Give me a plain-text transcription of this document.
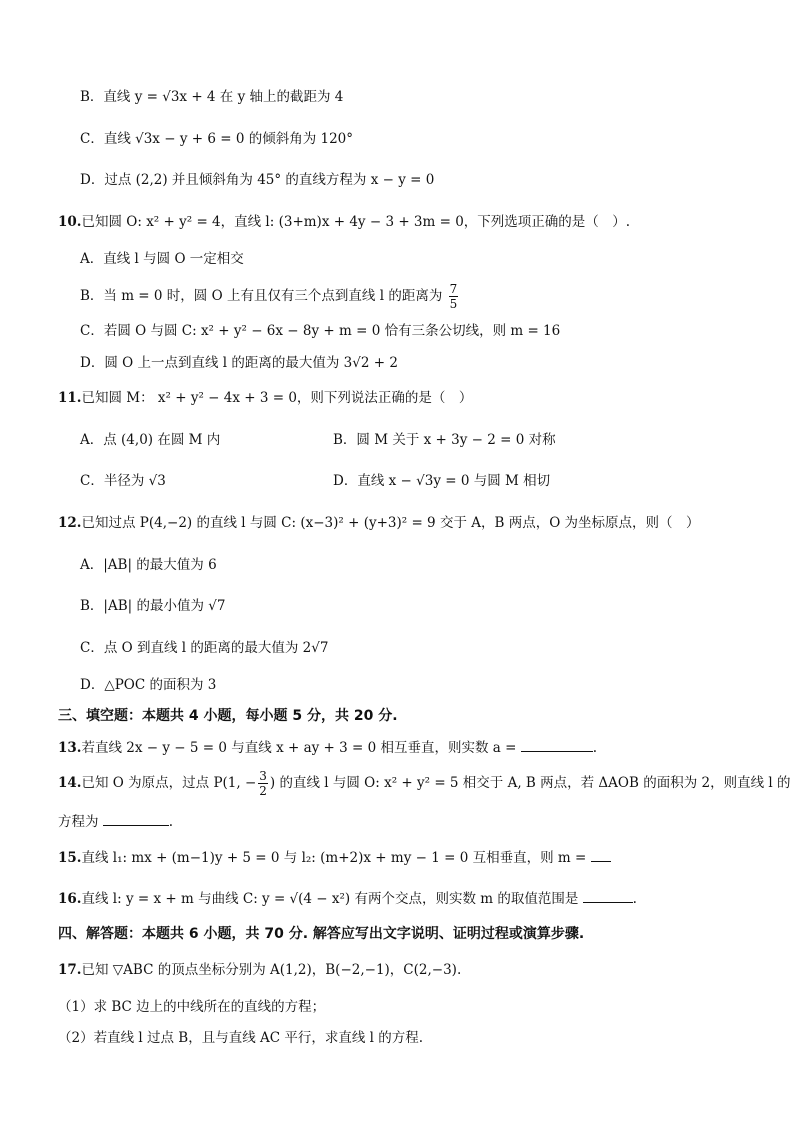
B．直线 y = √3x + 4 在 y 轴上的截距为 4
C．直线 √3x − y + 6 = 0 的倾斜角为 120°
D．过点 (2,2) 并且倾斜角为 45° 的直线方程为 x − y = 0
10.已知圆 O: x² + y² = 4，直线 l: (3+m)x + 4y − 3 + 3m = 0，下列选项正确的是（　）.
A．直线 l 与圆 O 一定相交
B．当 m = 0 时，圆 O 上有且仅有三个点到直线 l 的距离为 $\frac{7}{5}$
C．若圆 O 与圆 C: x² + y² − 6x − 8y + m = 0 恰有三条公切线，则 m = 16
D．圆 O 上一点到直线 l 的距离的最大值为 3√2 + 2
11.已知圆 M： x² + y² − 4x + 3 = 0，则下列说法正确的是（　）
A．点 (4,0) 在圆 M 内	B．圆 M 关于 x + 3y − 2 = 0 对称
C．半径为 √3	D．直线 x − √3y = 0 与圆 M 相切
12.已知过点 P(4,−2) 的直线 l 与圆 C: (x−3)² + (y+3)² = 9 交于 A，B 两点，O 为坐标原点，则（　）
A．|AB| 的最大值为 6
B．|AB| 的最小值为 √7
C．点 O 到直线 l 的距离的最大值为 2√7
D．△POC 的面积为 3
三、填空题：本题共 4 小题，每小题 5 分，共 20 分.
13.若直线 2x − y − 5 = 0 与直线 x + ay + 3 = 0 相互垂直，则实数 a =	.
14.已知 O 为原点，过点 P(1, − $\frac{3}{2}$ ) 的直线 l 与圆 O: x² + y² = 5 相交于 A, B 两点，若 ΔAOB 的面积为 2，则直线 l 的
方程为	.
15.直线 l₁: mx + (m−1)y + 5 = 0 与 l₂: (m+2)x + my − 1 = 0 互相垂直，则 m =
16.直线 l: y = x + m 与曲线 C: y = √(4 − x²) 有两个交点，则实数 m 的取值范围是	.
四、解答题：本题共 6 小题，共 70 分. 解答应写出文字说明、证明过程或演算步骤.
17.已知 ▽ABC 的顶点坐标分别为 A(1,2)，B(−2,−1)，C(2,−3).
（1）求 BC 边上的中线所在的直线的方程；
（2）若直线 l 过点 B，且与直线 AC 平行，求直线 l 的方程.
